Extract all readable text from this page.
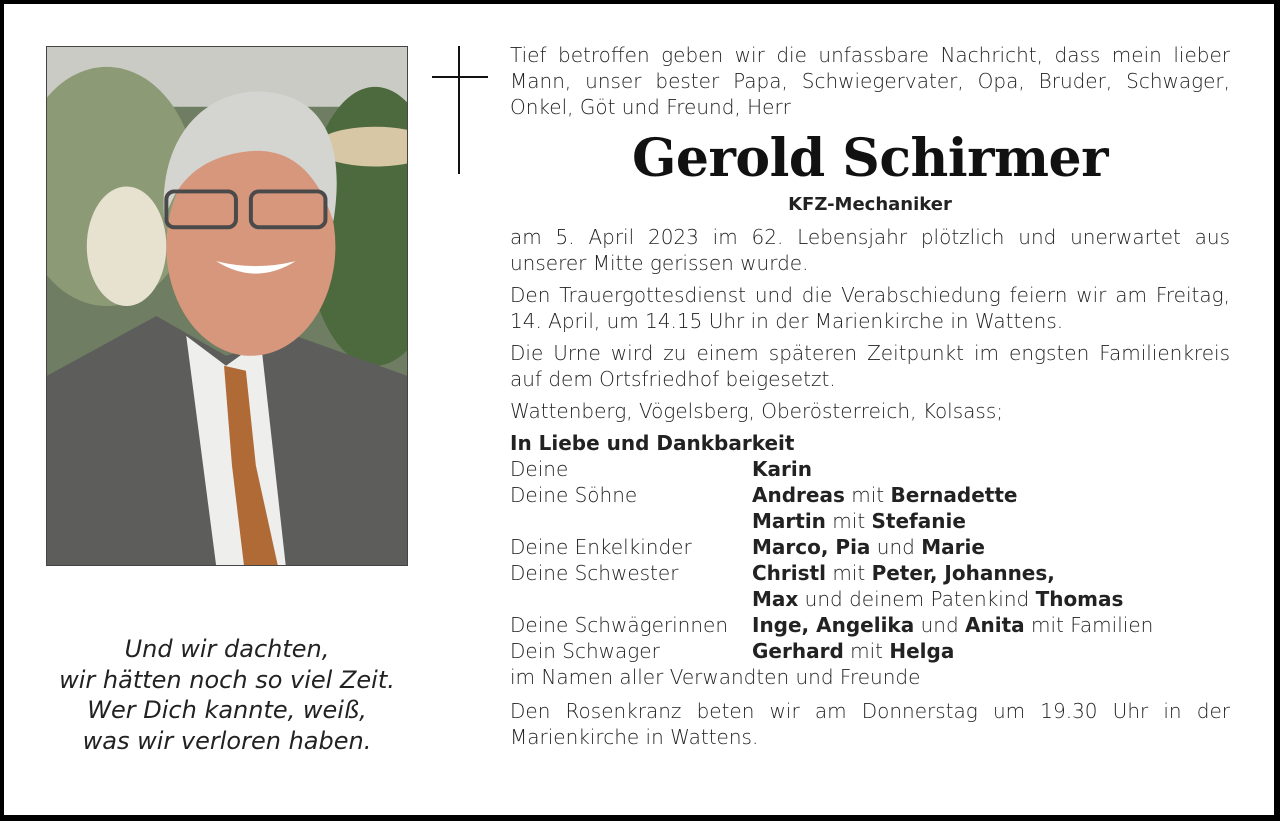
Und wir dachten,
wir hätten noch so viel Zeit.
Wer Dich kannte, weiß,
was wir verloren haben.
Tief betroffen geben wir die unfassbare Nachricht, dass mein lieber Mann, unser bester Papa, Schwiegervater, Opa, Bruder, Schwager, Onkel, Göt und Freund, Herr
Gerold Schirmer
KFZ-Mechaniker
am 5. April 2023 im 62. Lebensjahr plötzlich und unerwartet aus unserer Mitte gerissen wurde.
Den Trauergottesdienst und die Verabschiedung feiern wir am Freitag, 14. April, um 14.15 Uhr in der Marienkirche in Wattens.
Die Urne wird zu einem späteren Zeitpunkt im engsten Familienkreis auf dem Ortsfriedhof beigesetzt.
Wattenberg, Vögelsberg, Oberösterreich, Kolsass;
In Liebe und Dankbarkeit
Deine	Karin
Deine Söhne	Andreas mit Bernadette
Martin mit Stefanie
Deine Enkelkinder	Marco, Pia und Marie
Deine Schwester	Christl mit Peter, Johannes,
Max und deinem Patenkind Thomas
Deine Schwägerinnen	Inge, Angelika und Anita mit Familien
Dein Schwager	Gerhard mit Helga
im Namen aller Verwandten und Freunde
Den Rosenkranz beten wir am Donnerstag um 19.30 Uhr in der Marienkirche in Wattens.
